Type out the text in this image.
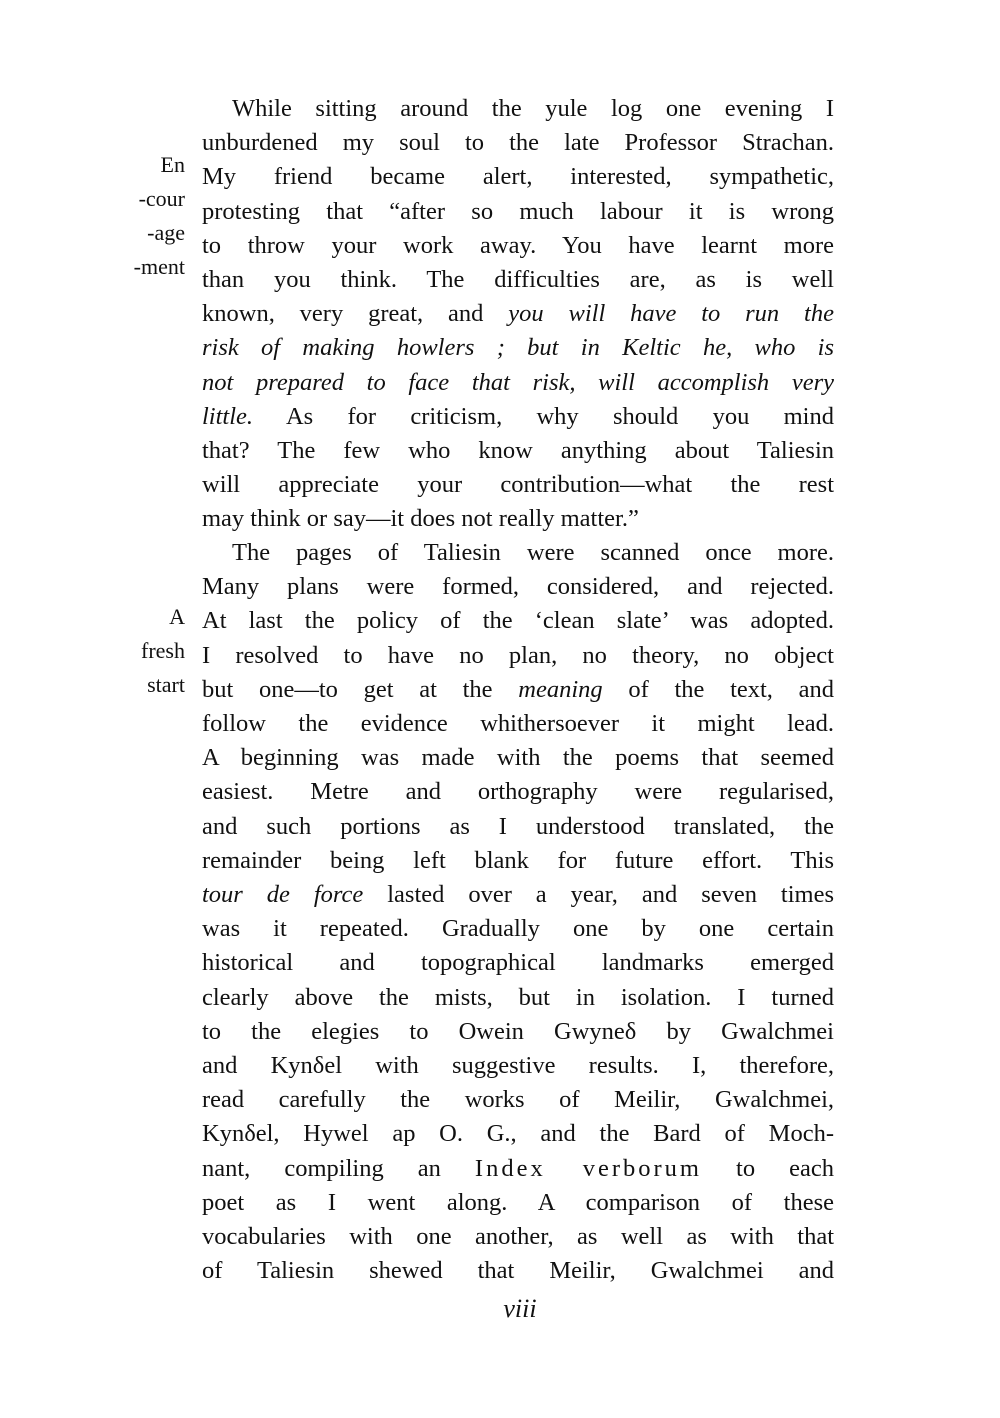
En
-cour
-age
-ment
A
fresh
start
While sitting around the yule log one evening I
unburdened my soul to the late Professor Strachan.
My friend became alert, interested, sympathetic,
protesting that “after so much labour it is wrong
to throw your work away. You have learnt more
than you think. The difficulties are, as is well
known, very great, and you will have to run the
risk of making howlers ; but in Keltic he, who is
not prepared to face that risk, will accomplish very
little. As for criticism, why should you mind
that? The few who know anything about Taliesin
will appreciate your contribution—what the rest
may think or say—it does not really matter.”
The pages of Taliesin were scanned once more.
Many plans were formed, considered, and rejected.
At last the policy of the ‘clean slate’ was adopted.
I resolved to have no plan, no theory, no object
but one—to get at the meaning of the text, and
follow the evidence whithersoever it might lead.
A beginning was made with the poems that seemed
easiest. Metre and orthography were regularised,
and such portions as I understood translated, the
remainder being left blank for future effort. This
tour de force lasted over a year, and seven times
was it repeated. Gradually one by one certain
historical and topographical landmarks emerged
clearly above the mists, but in isolation. I turned
to the elegies to Owein Gwyneδ by Gwalchmei
and Kynδel with suggestive results. I, therefore,
read carefully the works of Meilir, Gwalchmei,
Kynδel, Hywel ap O. G., and the Bard of Moch-
nant, compiling an Index verborum to each
poet as I went along. A comparison of these
vocabularies with one another, as well as with that
of Taliesin shewed that Meilir, Gwalchmei and
viii
